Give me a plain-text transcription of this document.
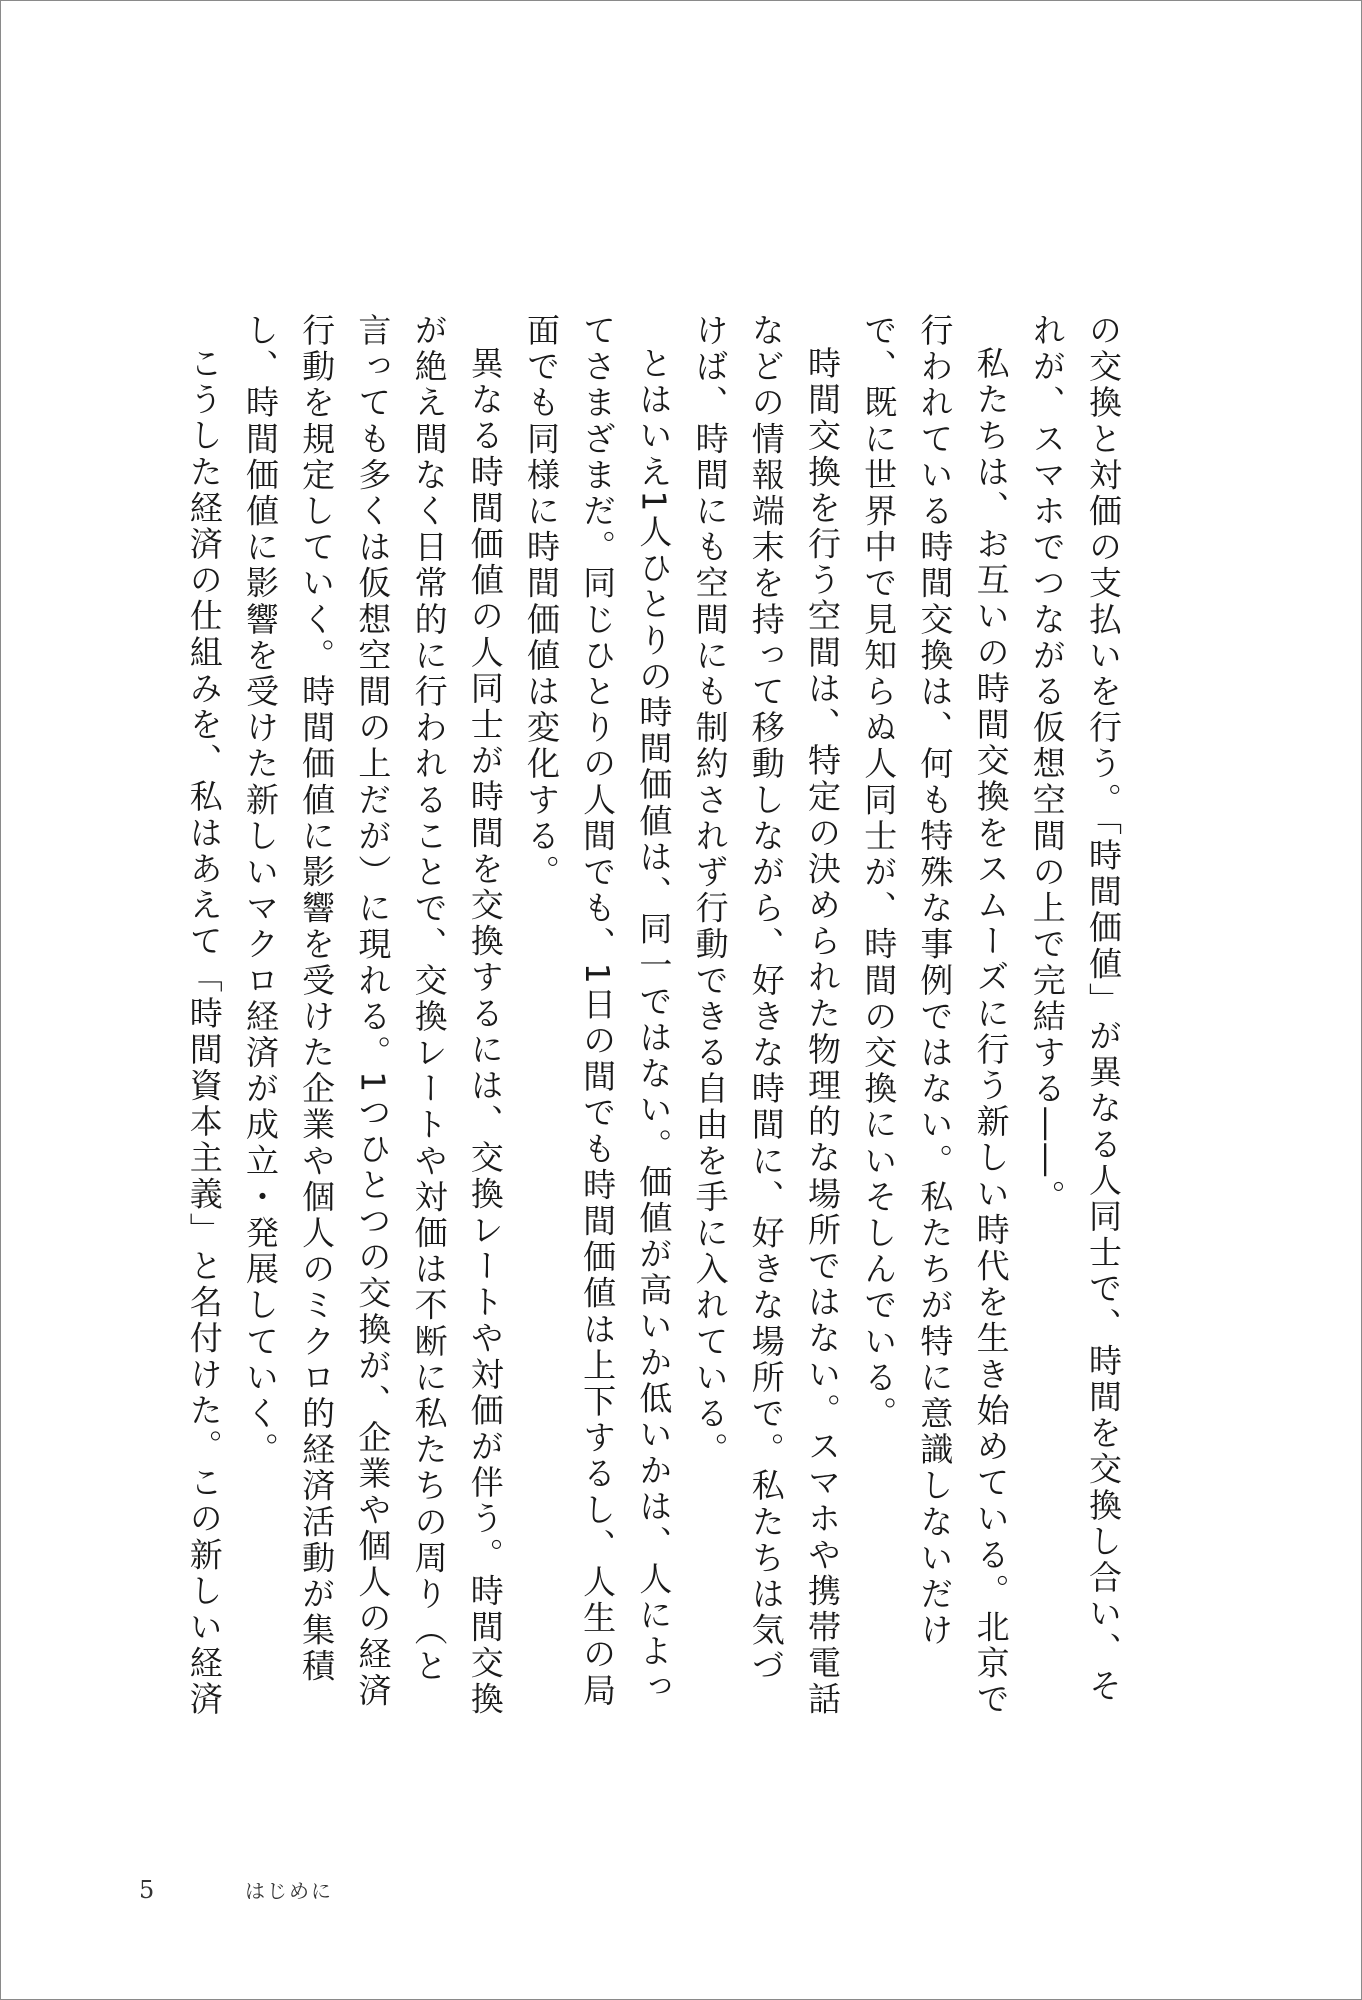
の交換と対価の支払いを行う。「時間価値」が異なる人同士で、時間を交換し合い、それが、スマホでつながる仮想空間の上で完結する――。

私たちは、お互いの時間交換をスムーズに行う新しい時代を生き始めている。北京で行われている時間交換は、何も特殊な事例ではない。私たちが特に意識しないだけで、既に世界中で見知らぬ人同士が、時間の交換にいそしんでいる。

時間交換を行う空間は、特定の決められた物理的な場所ではない。スマホや携帯電話などの情報端末を持って移動しながら、好きな時間に、好きな場所で。私たちは気づけば、時間にも空間にも制約されず行動できる自由を手に入れている。

とはいえ1人ひとりの時間価値は、同一ではない。価値が高いか低いかは、人によってさまざまだ。同じひとりの人間でも、1日の間でも時間価値は上下するし、人生の局面でも同様に時間価値は変化する。

異なる時間価値の人同士が時間を交換するには、交換レートや対価が伴う。時間交換が絶え間なく日常的に行われることで、交換レートや対価は不断に私たちの周り（と言っても多くは仮想空間の上だが）に現れる。1つひとつの交換が、企業や個人の経済行動を規定していく。時間価値に影響を受けた企業や個人のミクロ的経済活動が集積し、時間価値に影響を受けた新しいマクロ経済が成立・発展していく。

こうした経済の仕組みを、私はあえて「時間資本主義」と名付けた。この新しい経済

5	はじめに
